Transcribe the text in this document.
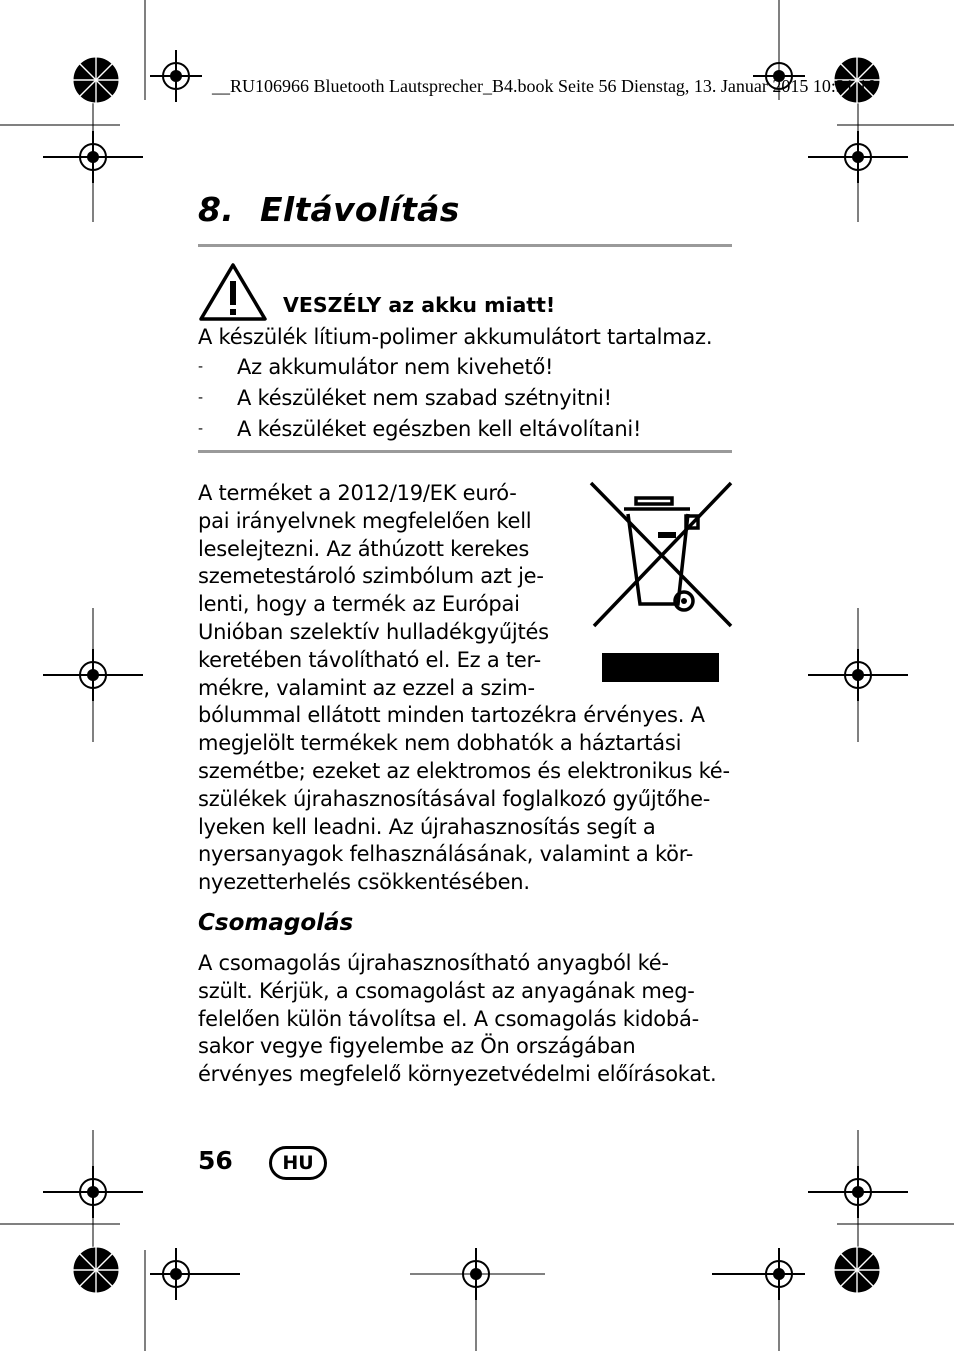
__RU106966 Bluetooth Lautsprecher_B4.book Seite 56 Dienstag, 13. Januar 2015 10:31 10
8. Eltávolítás
VESZÉLY az akku miatt!

A készülék lítium-polimer akkumulátort tartalmaz.

- Az akkumulátor nem kivehető!
- A készüléket nem szabad szétnyitni!
- A készüléket egészben kell eltávolítani!

A terméket a 2012/19/EK euró-
pai irányelvnek megfelelően kell
leselejtezni. Az áthúzott kerekes
szemetestároló szimbólum azt je-
lenti, hogy a termék az Európai
Unióban szelektív hulladékgyűjtés
keretében távolítható el. Ez a ter-
mékre, valamint az ezzel a szim-
bólummal ellátott minden tartozékra érvényes. A
megjelölt termékek nem dobhatók a háztartási
szemétbe; ezeket az elektromos és elektronikus ké-
szülékek újrahasznosításával foglalkozó gyűjtőhe-
lyeken kell leadni. Az újrahasznosítás segít a
nyersanyagok felhasználásának, valamint a kör-
nyezetterhelés csökkentésében.

Csomagolás

A csomagolás újrahasznosítható anyagból ké-
szült. Kérjük, a csomagolást az anyagának meg-
felelően külön távolítsa el. A csomagolás kidobá-
sakor vegye figyelembe az Ön országában
érvényes megfelelő környezetvédelmi előírásokat.

56	HU
